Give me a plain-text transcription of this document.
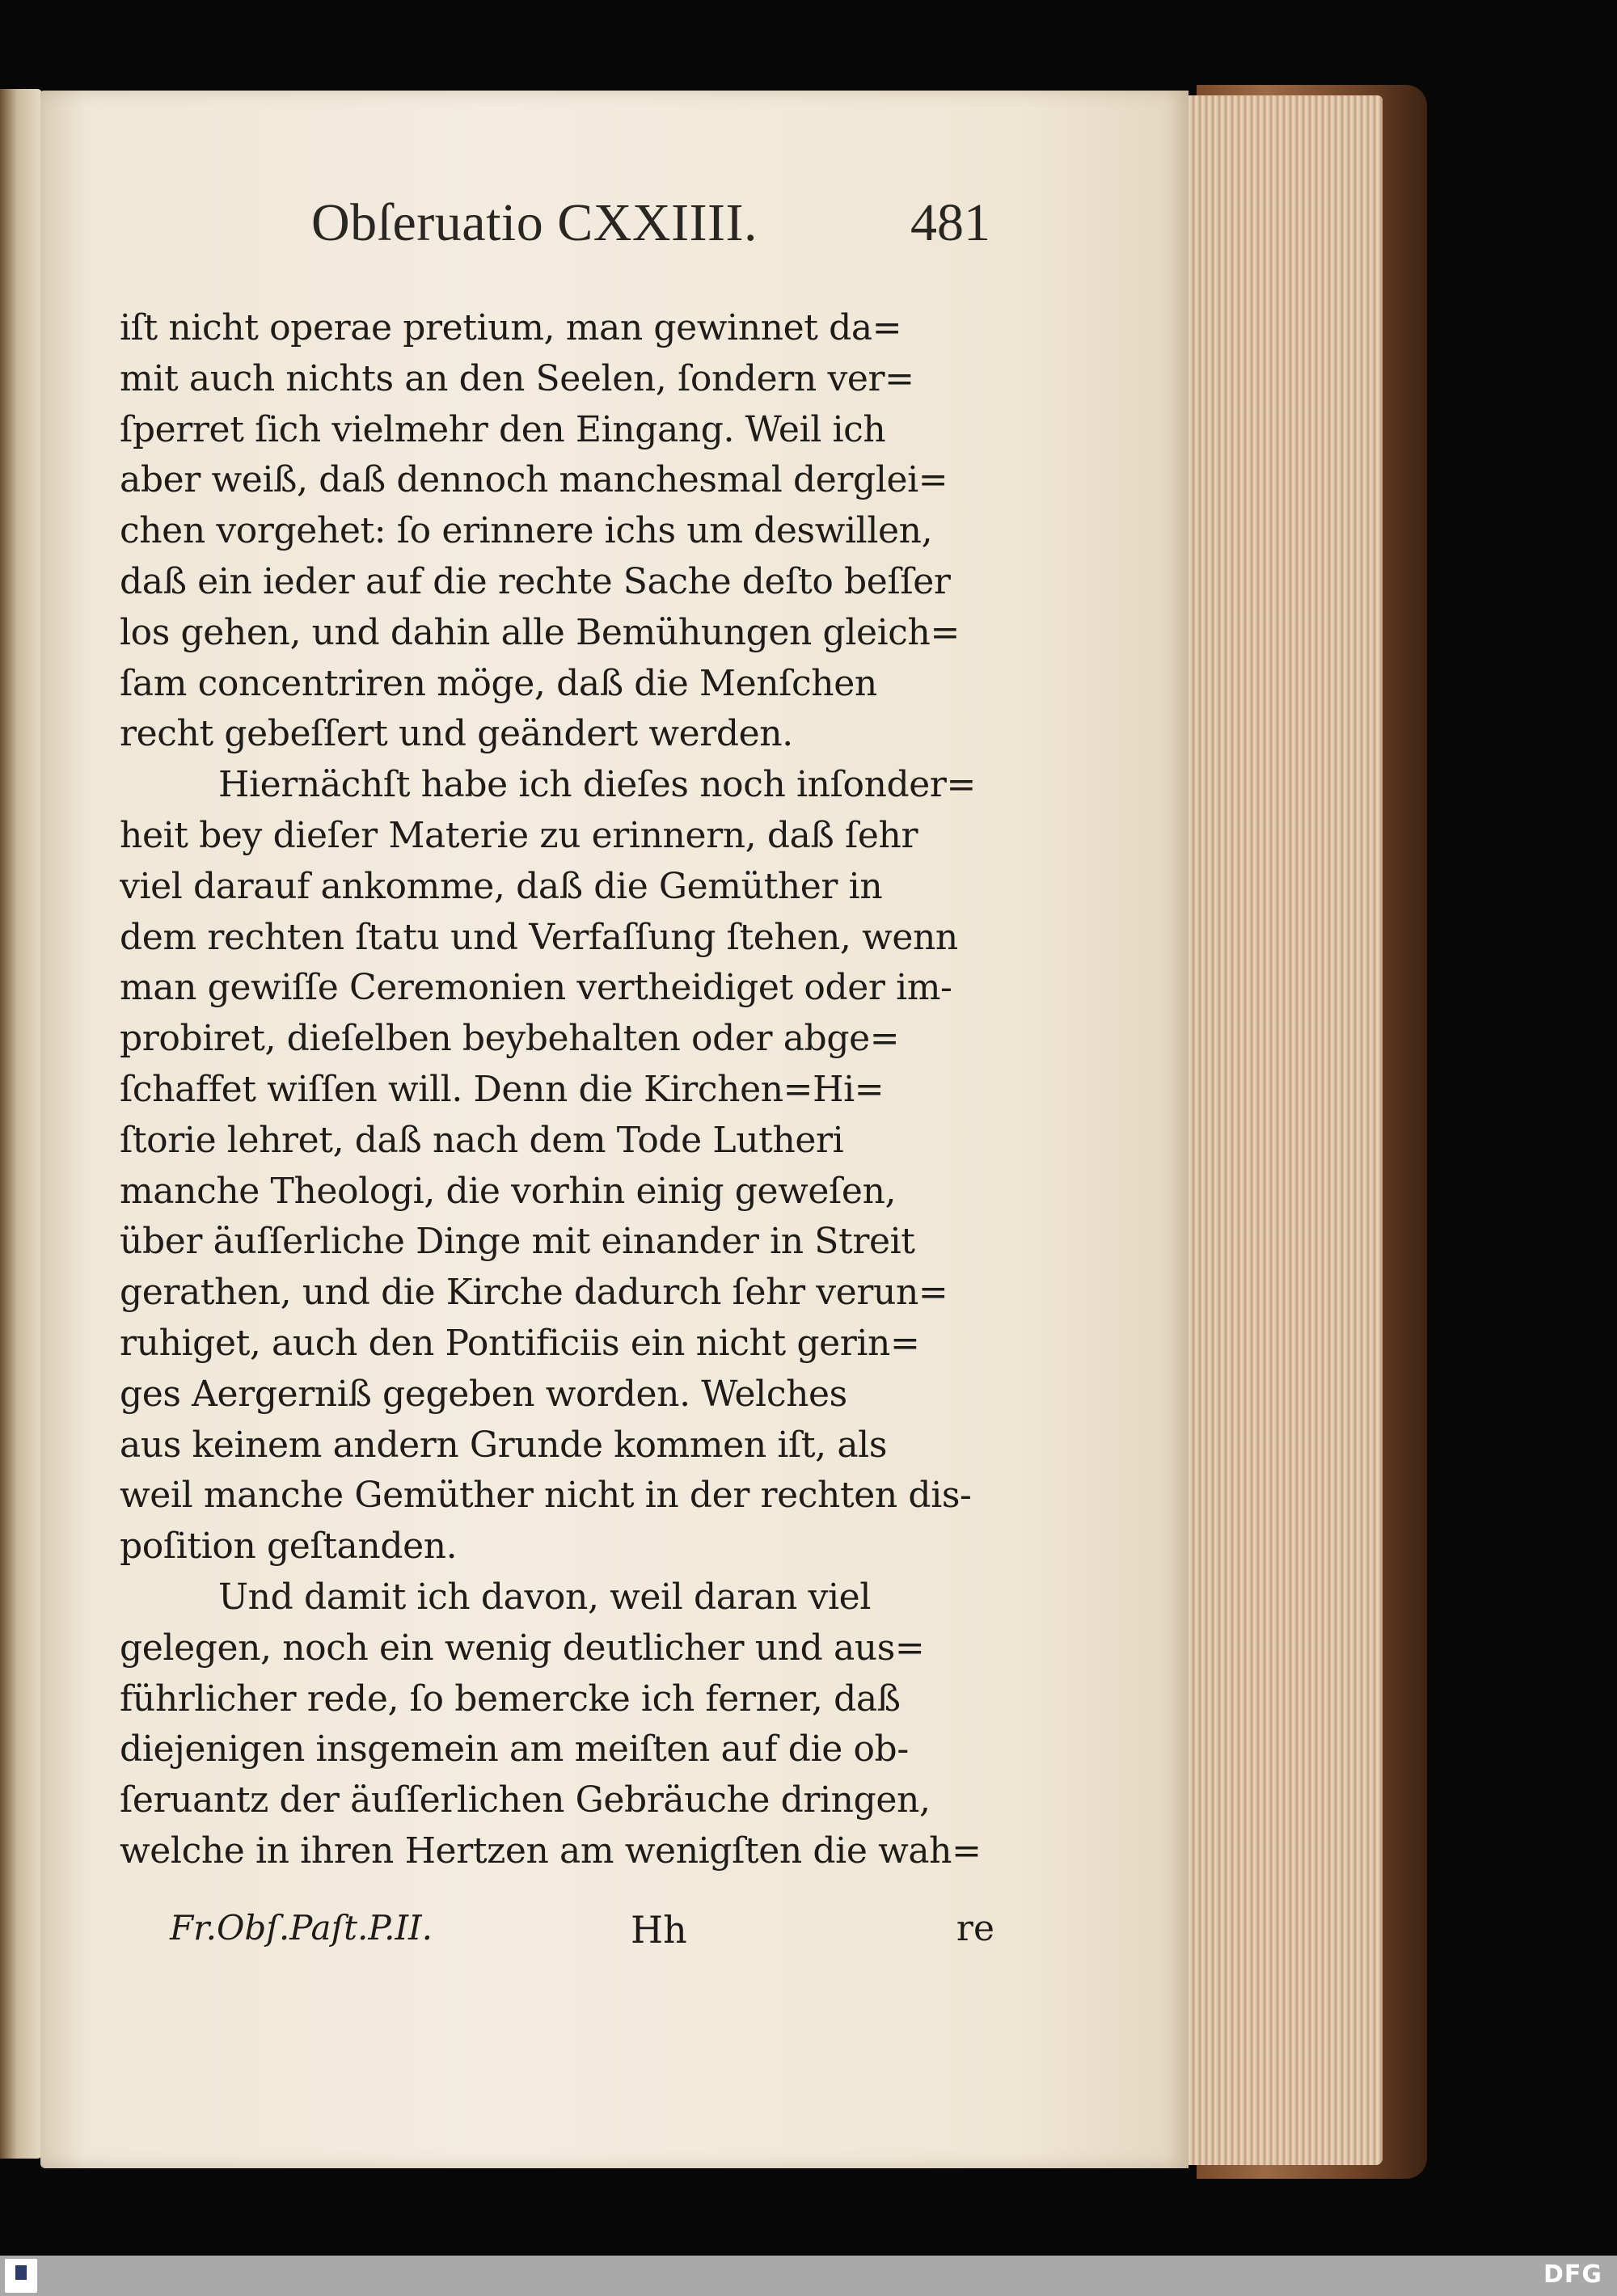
Obſeruatio CXXIIII.	481
iſt nicht operae pretium, man gewinnet da=
mit auch nichts an den Seelen, ſondern ver=
ſperret ſich vielmehr den Eingang. Weil ich
aber weiß, daß dennoch manchesmal derglei=
chen vorgehet: ſo erinnere ichs um deswillen,
daß ein ieder auf die rechte Sache deſto beſſer
los gehen, und dahin alle Bemühungen gleich=
ſam concentriren möge, daß die Menſchen
recht gebeſſert und geändert werden.
Hiernächſt habe ich dieſes noch inſonder=
heit bey dieſer Materie zu erinnern, daß ſehr
viel darauf ankomme, daß die Gemüther in
dem rechten ſtatu und Verfaſſung ſtehen, wenn
man gewiſſe Ceremonien vertheidiget oder im-
probiret, dieſelben beybehalten oder abge=
ſchaffet wiſſen will. Denn die Kirchen=Hi=
ſtorie lehret, daß nach dem Tode Lutheri
manche Theologi, die vorhin einig geweſen,
über äuſſerliche Dinge mit einander in Streit
gerathen, und die Kirche dadurch ſehr verun=
ruhiget, auch den Pontificiis ein nicht gerin=
ges Aergerniß gegeben worden. Welches
aus keinem andern Grunde kommen iſt, als
weil manche Gemüther nicht in der rechten dis-
poſition geſtanden.
Und damit ich davon, weil daran viel
gelegen, noch ein wenig deutlicher und aus=
führlicher rede, ſo bemercke ich ferner, daß
diejenigen insgemein am meiſten auf die ob-
ſeruantz der äuſſerlichen Gebräuche dringen,
welche in ihren Hertzen am wenigſten die wah=
Fr.Obſ.Paſt.P.II.	Hh	re
DFG
